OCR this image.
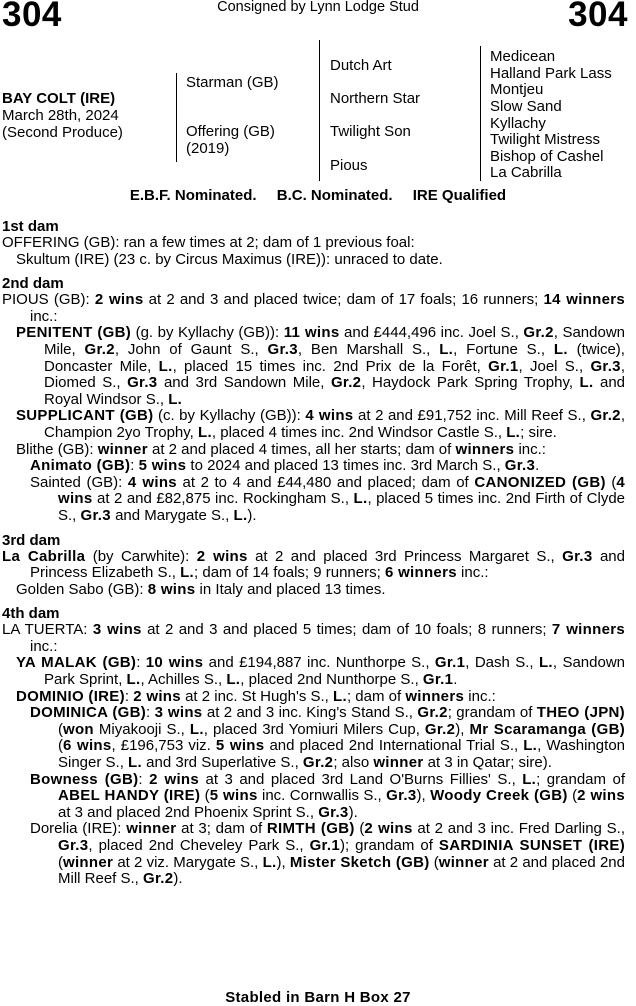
304	Consigned by Lynn Lodge Stud	304
BAY COLT (IRE)
March 28th, 2024
(Second Produce)
Starman (GB)
Offering (GB)
(2019)
Dutch Art
Northern Star
Twilight Son
Pious
Medicean
Halland Park Lass
Montjeu
Slow Sand
Kyllachy
Twilight Mistress
Bishop of Cashel
La Cabrilla
E.B.F. Nominated. B.C. Nominated. IRE Qualified
1st dam
OFFERING (GB): ran a few times at 2; dam of 1 previous foal:
Skultum (IRE) (23 c. by Circus Maximus (IRE)): unraced to date.
2nd dam
PIOUS (GB): 2 wins at 2 and 3 and placed twice; dam of 17 foals; 16 runners; 14 winners inc.:
PENITENT (GB) (g. by Kyllachy (GB)): 11 wins and £444,496 inc. Joel S., Gr.2, Sandown Mile, Gr.2, John of Gaunt S., Gr.3, Ben Marshall S., L., Fortune S., L. (twice), Doncaster Mile, L., placed 15 times inc. 2nd Prix de la Forêt, Gr.1, Joel S., Gr.3, Diomed S., Gr.3 and 3rd Sandown Mile, Gr.2, Haydock Park Spring Trophy, L. and Royal Windsor S., L.
SUPPLICANT (GB) (c. by Kyllachy (GB)): 4 wins at 2 and £91,752 inc. Mill Reef S., Gr.2, Champion 2yo Trophy, L., placed 4 times inc. 2nd Windsor Castle S., L.; sire.
Blithe (GB): winner at 2 and placed 4 times, all her starts; dam of winners inc.:
Animato (GB): 5 wins to 2024 and placed 13 times inc. 3rd March S., Gr.3.
Sainted (GB): 4 wins at 2 to 4 and £44,480 and placed; dam of CANONIZED (GB) (4 wins at 2 and £82,875 inc. Rockingham S., L., placed 5 times inc. 2nd Firth of Clyde S., Gr.3 and Marygate S., L.).
3rd dam
La Cabrilla (by Carwhite): 2 wins at 2 and placed 3rd Princess Margaret S., Gr.3 and Princess Elizabeth S., L.; dam of 14 foals; 9 runners; 6 winners inc.:
Golden Sabo (GB): 8 wins in Italy and placed 13 times.
4th dam
LA TUERTA: 3 wins at 2 and 3 and placed 5 times; dam of 10 foals; 8 runners; 7 winners inc.:
YA MALAK (GB): 10 wins and £194,887 inc. Nunthorpe S., Gr.1, Dash S., L., Sandown Park Sprint, L., Achilles S., L., placed 2nd Nunthorpe S., Gr.1.
DOMINIO (IRE): 2 wins at 2 inc. St Hugh's S., L.; dam of winners inc.:
DOMINICA (GB): 3 wins at 2 and 3 inc. King's Stand S., Gr.2; grandam of THEO (JPN) (won Miyakooji S., L., placed 3rd Yomiuri Milers Cup, Gr.2), Mr Scaramanga (GB) (6 wins, £196,753 viz. 5 wins and placed 2nd International Trial S., L., Washington Singer S., L. and 3rd Superlative S., Gr.2; also winner at 3 in Qatar; sire).
Bowness (GB): 2 wins at 3 and placed 3rd Land O'Burns Fillies' S., L.; grandam of ABEL HANDY (IRE) (5 wins inc. Cornwallis S., Gr.3), Woody Creek (GB) (2 wins at 3 and placed 2nd Phoenix Sprint S., Gr.3).
Dorelia (IRE): winner at 3; dam of RIMTH (GB) (2 wins at 2 and 3 inc. Fred Darling S., Gr.3, placed 2nd Cheveley Park S., Gr.1); grandam of SARDINIA SUNSET (IRE) (winner at 2 viz. Marygate S., L.), Mister Sketch (GB) (winner at 2 and placed 2nd Mill Reef S., Gr.2).
Stabled in Barn H Box 27
